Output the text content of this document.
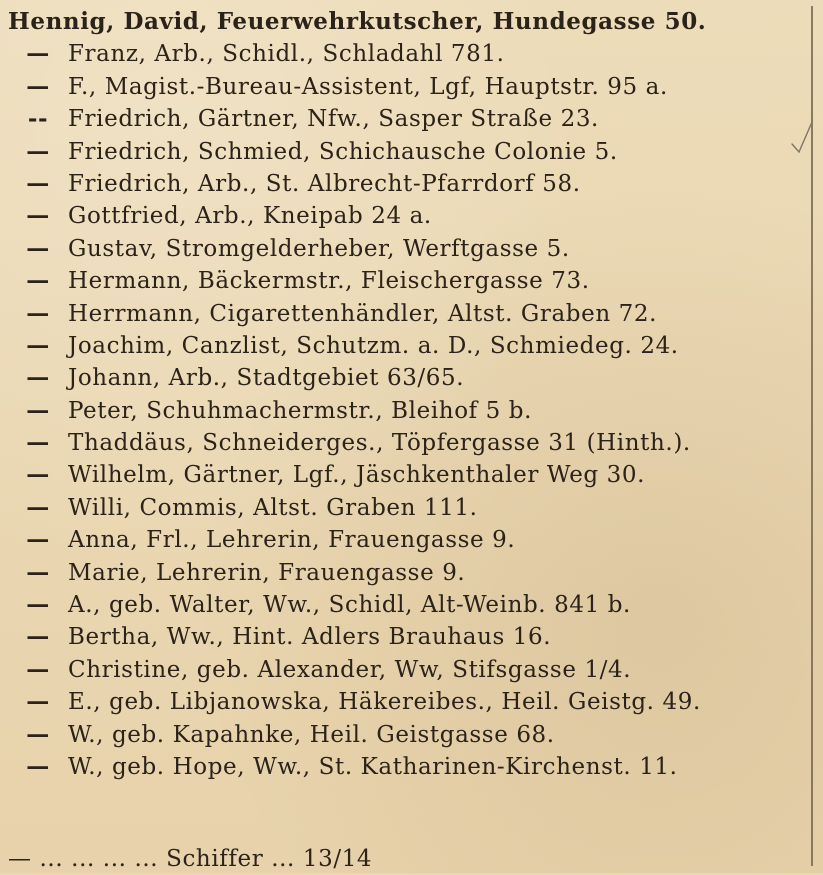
Hennig, David, Feuerwehrkutscher, Hundegasse 50.
— Franz, Arb., Schidl., Schladahl 781.
— F., Magist.-Bureau-Assistent, Lgf, Hauptstr. 95 a.
-- Friedrich, Gärtner, Nfw., Sasper Straße 23.
— Friedrich, Schmied, Schichausche Colonie 5.
— Friedrich, Arb., St. Albrecht-Pfarrdorf 58.
— Gottfried, Arb., Kneipab 24 a.
— Gustav, Stromgelderheber, Werftgasse 5.
— Hermann, Bäckermstr., Fleischergasse 73.
— Herrmann, Cigarettenhändler, Altst. Graben 72.
— Joachim, Canzlist, Schutzm. a. D., Schmiedeg. 24.
— Johann, Arb., Stadtgebiet 63/65.
— Peter, Schuhmachermstr., Bleihof 5 b.
— Thaddäus, Schneiderges., Töpfergasse 31 (Hinth.).
— Wilhelm, Gärtner, Lgf., Jäschkenthaler Weg 30.
— Willi, Commis, Altst. Graben 111.
— Anna, Frl., Lehrerin, Frauengasse 9.
— Marie, Lehrerin, Frauengasse 9.
— A., geb. Walter, Ww., Schidl, Alt-Weinb. 841 b.
— Bertha, Ww., Hint. Adlers Brauhaus 16.
— Christine, geb. Alexander, Ww, Stifsgasse 1/4.
— E., geb. Libjanowska, Häkereibes., Heil. Geistg. 49.
— W., geb. Kapahnke, Heil. Geistgasse 68.
— W., geb. Hope, Ww., St. Katharinen-Kirchenst. 11.
— ... ... ... ... Schiffer ... 13/14
